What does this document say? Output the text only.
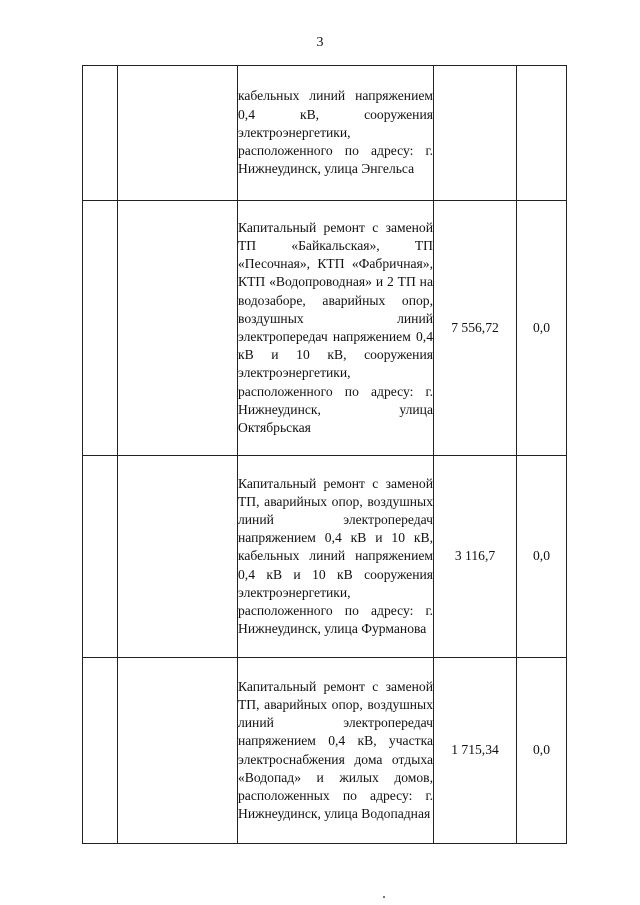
3
		кабельных линий напряжением 0,4 кВ, сооружения электроэнергетики, расположенного по адресу: г. Нижнеудинск, улица Энгельса		
		Капитальный ремонт с заменой ТП «Байкальская», ТП «Песочная», КТП «Фабричная», КТП «Водопроводная» и 2 ТП на водозаборе, аварийных опор, воздушных линий электропередач напряжением 0,4 кВ и 10 кВ, сооружения электроэнергетики, расположенного по адресу: г. Нижнеудинск, улица Октябрьская	7 556,72	0,0
		Капитальный ремонт с заменой ТП, аварийных опор, воздушных линий электропередач напряжением 0,4 кВ и 10 кВ, кабельных линий напряжением 0,4 кВ и 10 кВ сооружения электроэнергетики, расположенного по адресу: г. Нижнеудинск, улица Фурманова	3 116,7	0,0
		Капитальный ремонт с заменой ТП, аварийных опор, воздушных линий электропередач напряжением 0,4 кВ, участка электроснабжения дома отдыха «Водопад» и жилых домов, расположенных по адресу: г. Нижнеудинск, улица Водопадная	1 715,34	0,0
